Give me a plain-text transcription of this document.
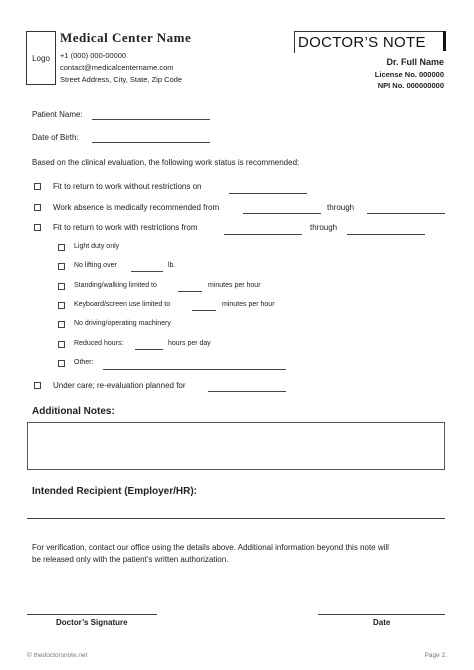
Logo
Medical Center Name
+1 (000) 000-00000
contact@medicalcentername.com
Street Address, City, State, Zip Code
DOCTOR’S NOTE
Dr. Full Name
License No. 000000
NPI No. 000000000
Patient Name:
Date of Birth:
Based on the clinical evaluation, the following work status is recommended:
Fit to return to work without restrictions on
Work absence is medically recommended from	through
Fit to return to work with restrictions from	through
Light duty only
No lifting over	lb.
Standing/walking limited to	minutes per hour
Keyboard/screen use limited to	minutes per hour
No driving/operating machinery
Reduced hours:	hours per day
Other:
Under care; re-evaluation planned for
Additional Notes:
Intended Recipient (Employer/HR):
For verification, contact our office using the details above. Additional information beyond this note will
be released only with the patient’s written authorization.
Doctor’s Signature	Date
© thedoctorsnote.net	Page 2.
